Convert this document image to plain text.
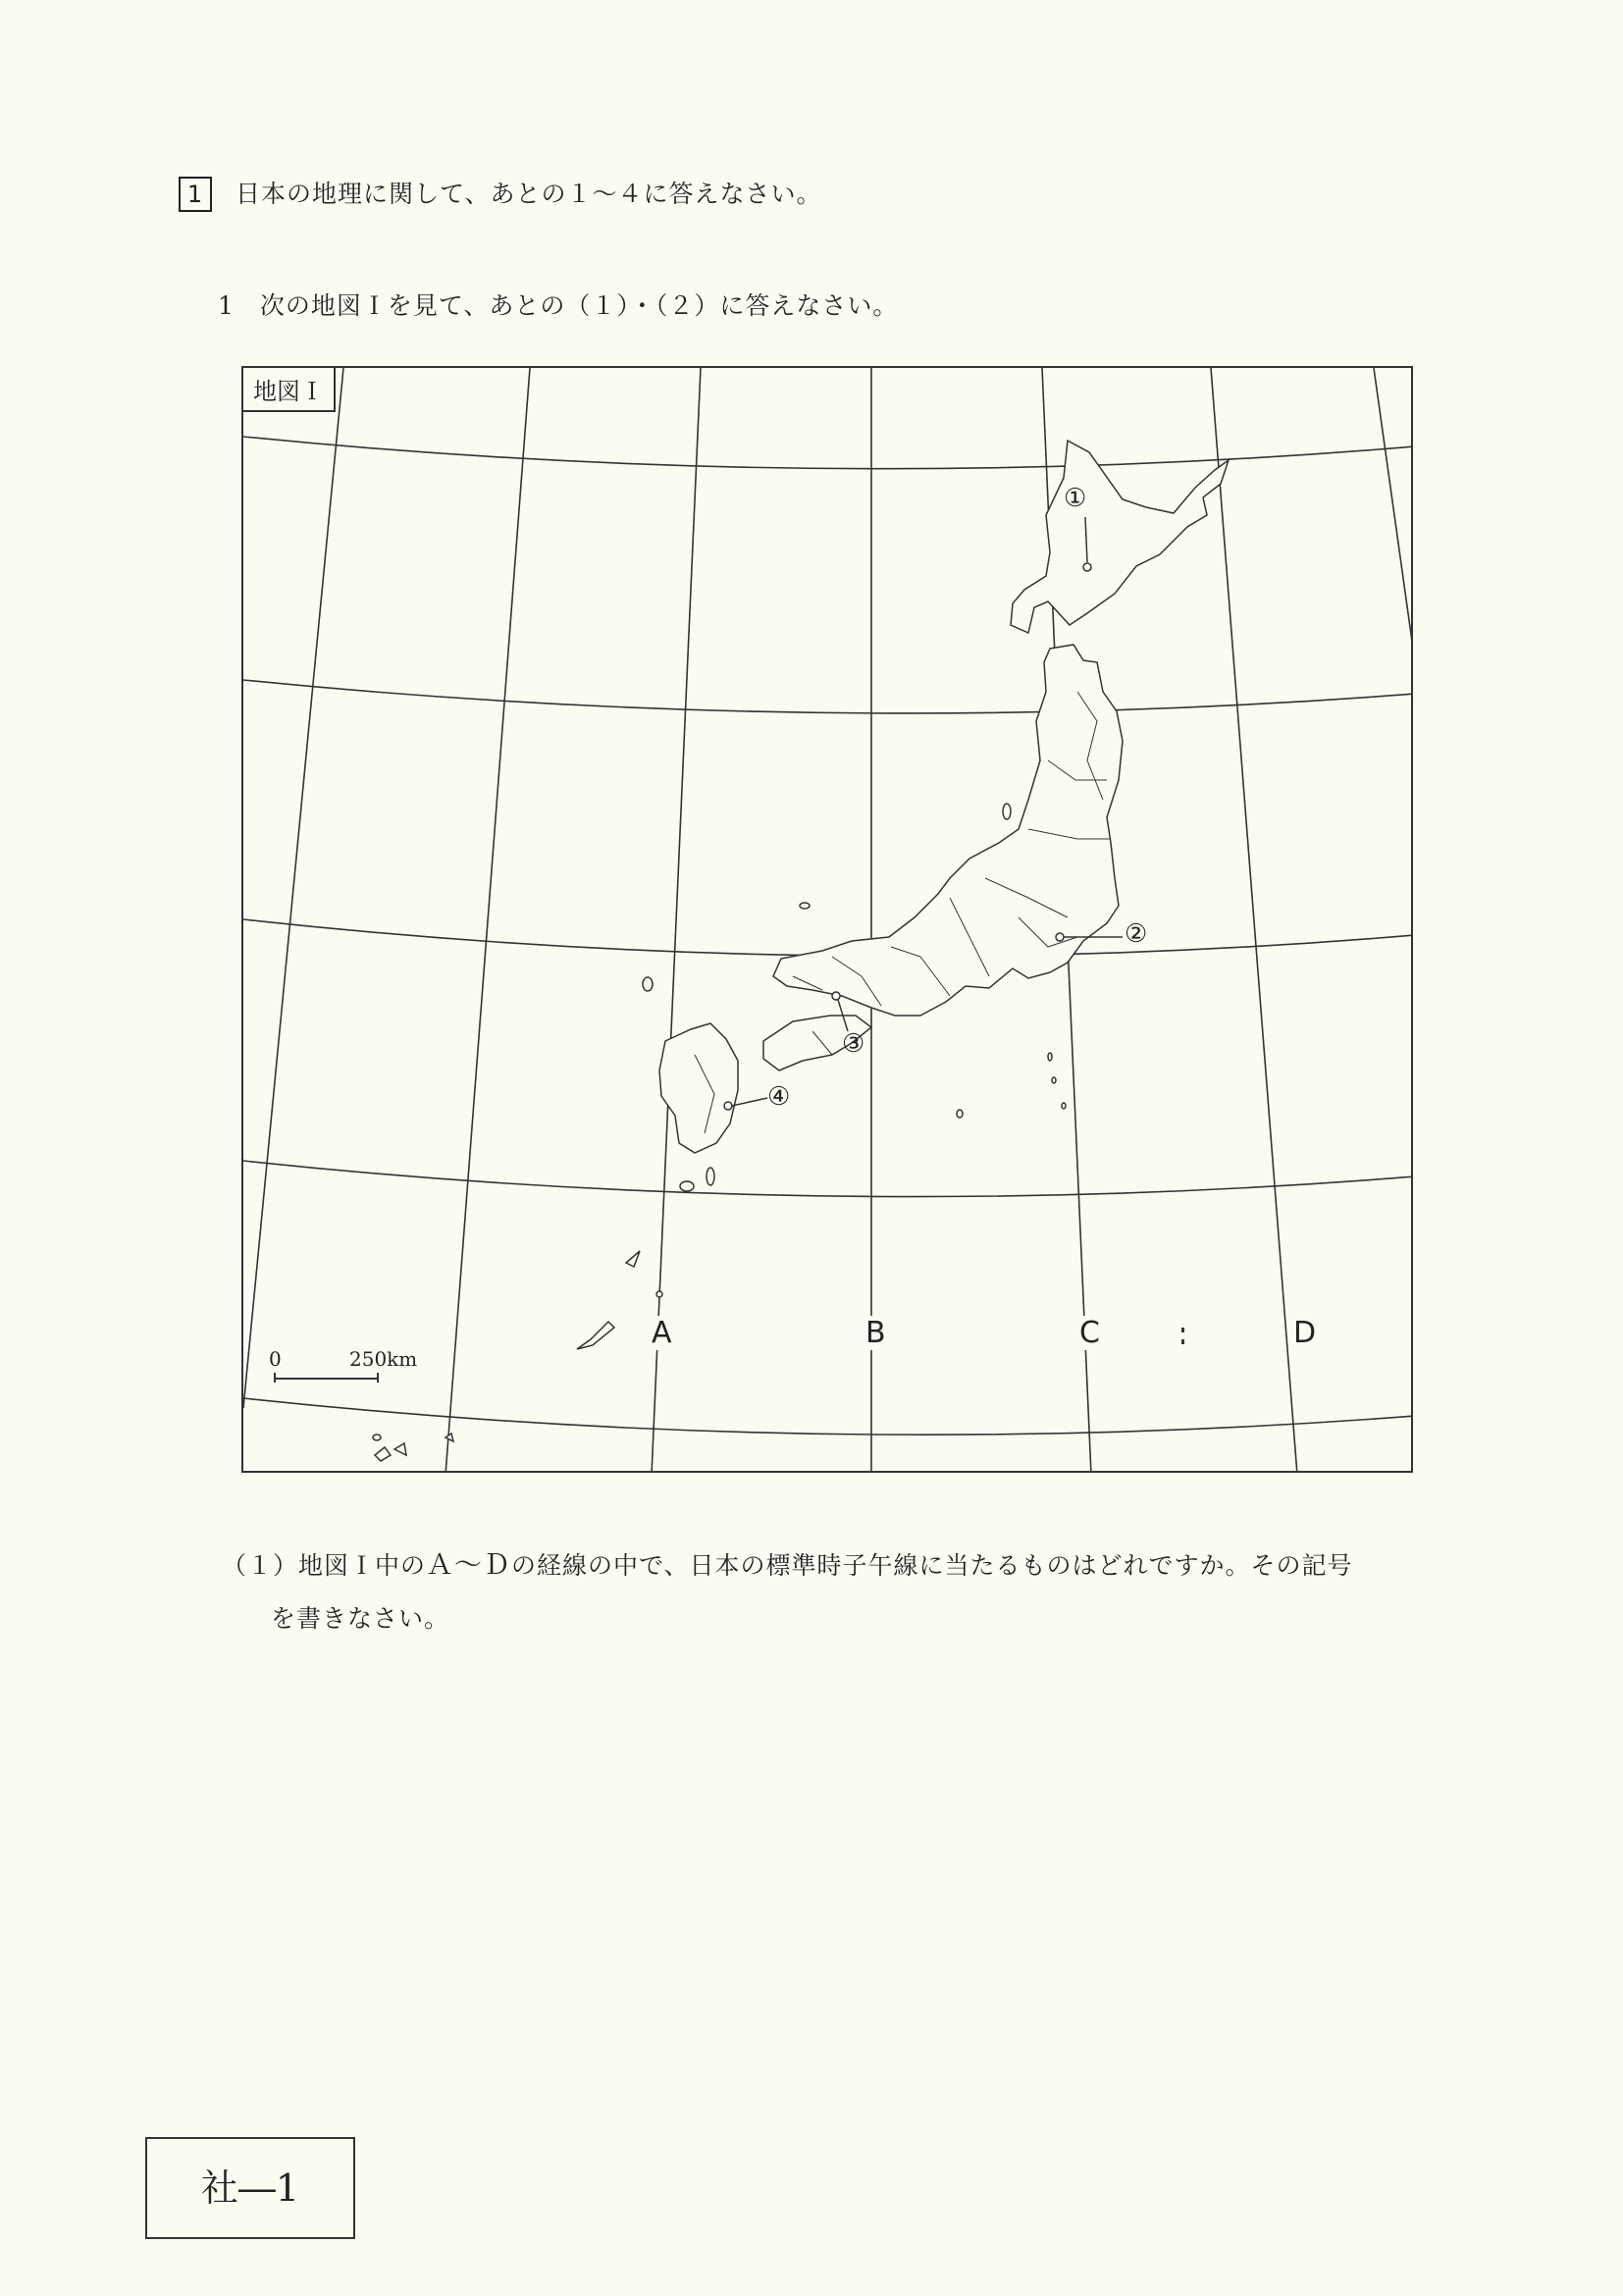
1 日本の地理に関して、あとの１～４に答えなさい。
1 次の地図Ｉを見て、あとの（１）・（２）に答えなさい。
地図Ｉ
①
②
③
④
A	B	C	D
0	250km
（１）地図Ｉ中のＡ～Ｄの経線の中で、日本の標準時子午線に当たるものはどれですか。その記号
を書きなさい。
社―1
